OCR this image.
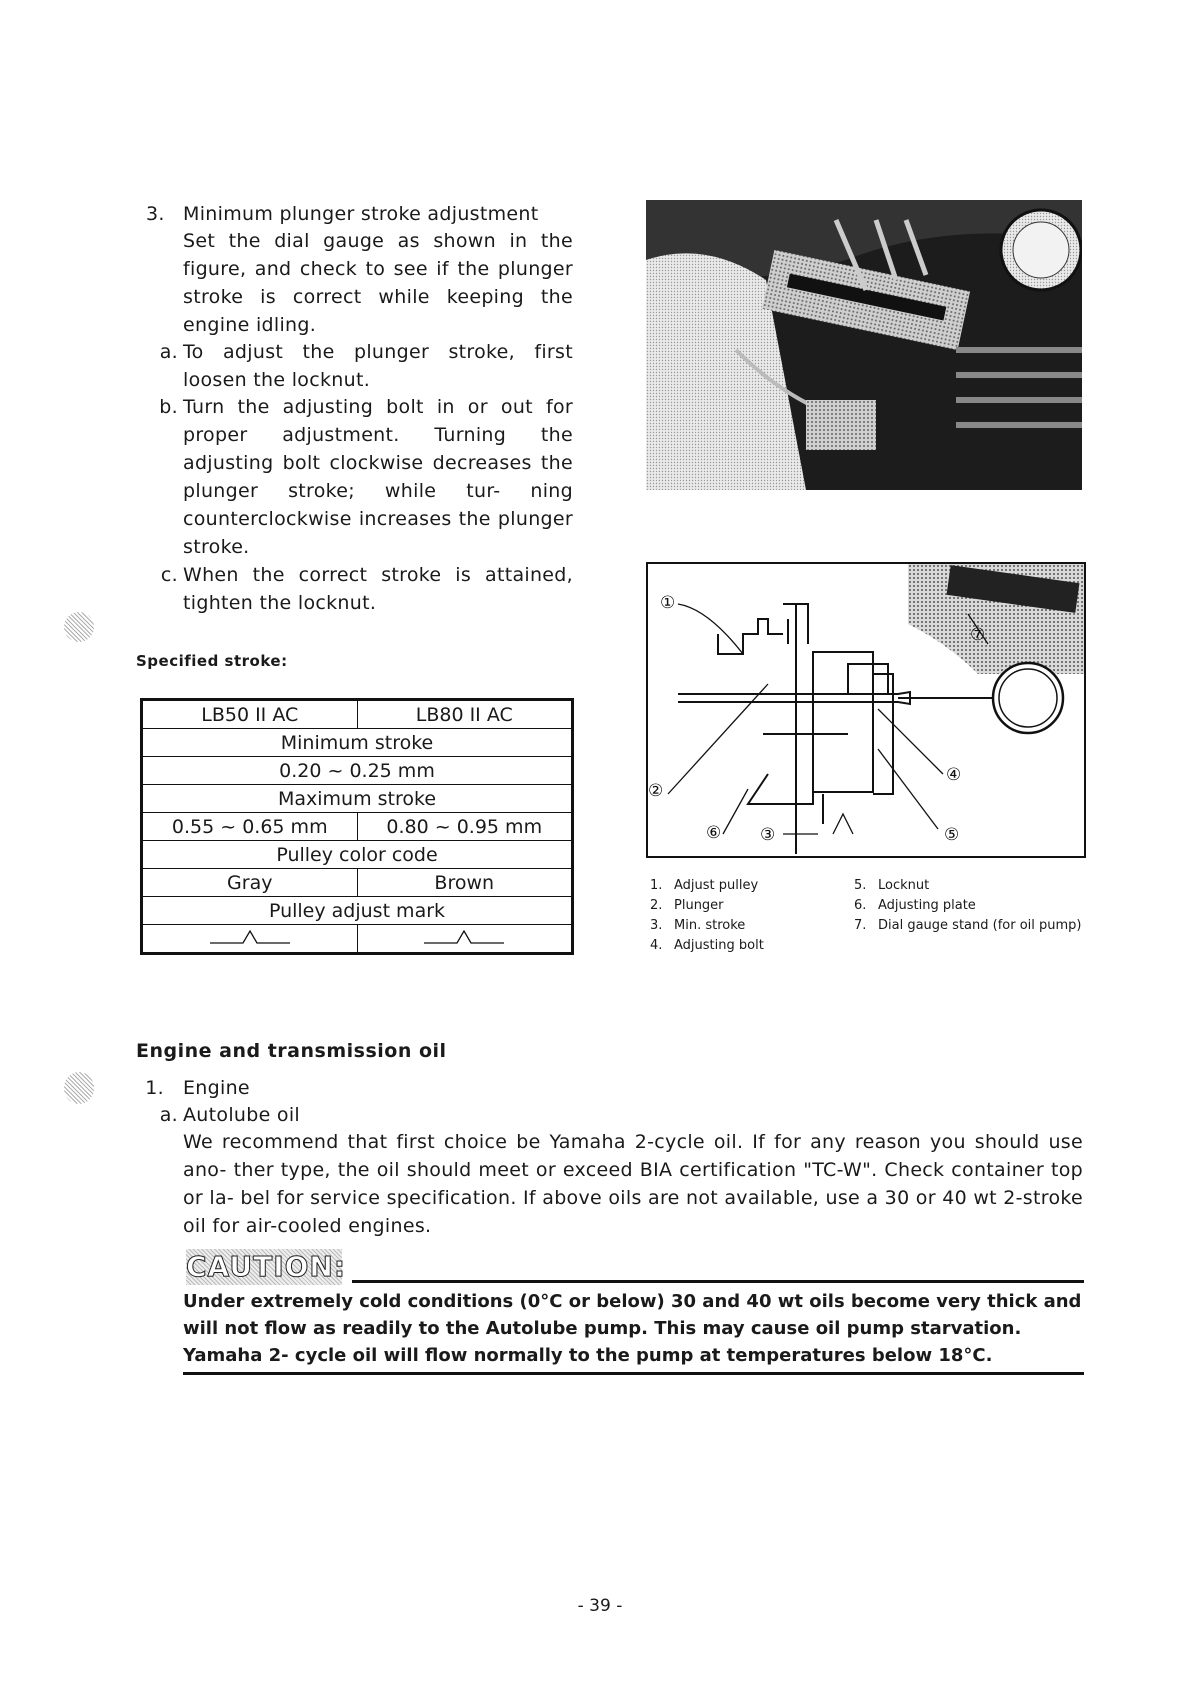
3. Minimum plunger stroke adjustment
Set the dial gauge as shown in the figure, and check to see if the plunger stroke is correct while keeping the engine idling.
a. To adjust the plunger stroke, first loosen the locknut.
b. Turn the adjusting bolt in or out for proper adjustment. Turning the adjusting bolt clockwise decreases the plunger stroke; while tur- ning counterclockwise increases the plunger stroke.
c. When the correct stroke is attained, tighten the locknut.
Specified stroke:
LB50 II AC	LB80 II AC
Minimum stroke	
0.20 ~ 0.25 mm	
Maximum stroke	
0.55 ~ 0.65 mm	0.80 ~ 0.95 mm
Pulley color code	
Gray	Brown
Pulley adjust mark	

①
②
③
④
⑤
⑥
⑦
1. Adjust pulley
2. Plunger
3. Min. stroke
4. Adjusting bolt
5. Locknut
6. Adjusting plate
7. Dial gauge stand (for oil pump)
Engine and transmission oil
1. Engine
a. Autolube oil
We recommend that first choice be Yamaha 2-cycle oil. If for any reason you should use ano- ther type, the oil should meet or exceed BIA certification "TC-W". Check container top or la- bel for service specification. If above oils are not available, use a 30 or 40 wt 2-stroke oil for air-cooled engines.
CAUTION:
Under extremely cold conditions (0°C or below) 30 and 40 wt oils become very thick and will not flow as readily to the Autolube pump. This may cause oil pump starvation. Yamaha 2- cycle oil will flow normally to the pump at temperatures below 18°C.
- 39 -
